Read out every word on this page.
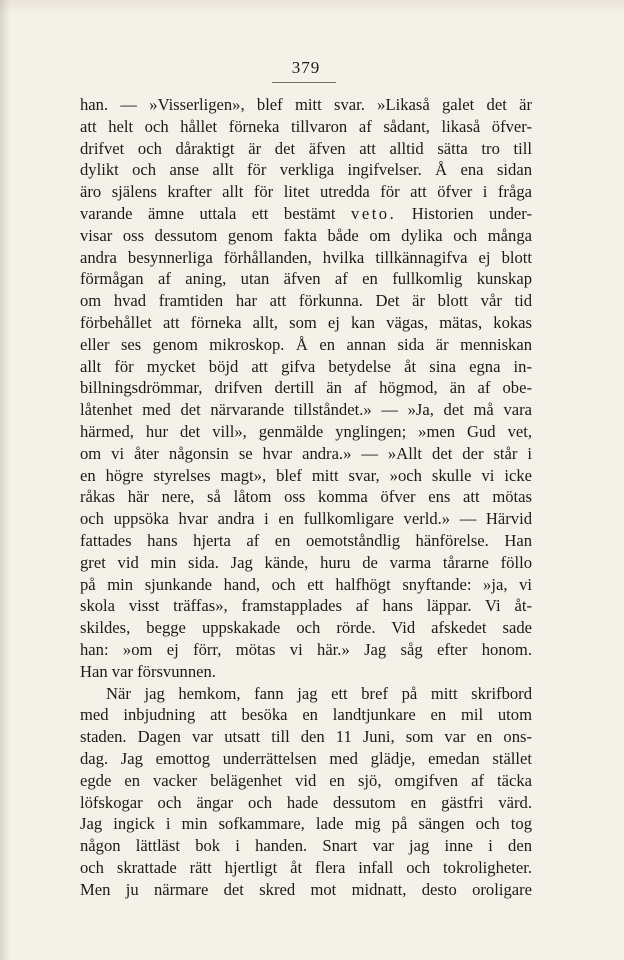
379
han. — »Visserligen», blef mitt svar. »Likaså galet det är
att helt och hållet förneka tillvaron af sådant, likaså öfver-
drifvet och dåraktigt är det äfven att alltid sätta tro till
dylikt och anse allt för verkliga ingifvelser. Å ena sidan
äro själens krafter allt för litet utredda för att öfver i fråga
varande ämne uttala ett bestämt veto. Historien under-
visar oss dessutom genom fakta både om dylika och många
andra besynnerliga förhållanden, hvilka tillkännagifva ej blott
förmågan af aning, utan äfven af en fullkomlig kunskap
om hvad framtiden har att förkunna. Det är blott vår tid
förbehållet att förneka allt, som ej kan vägas, mätas, kokas
eller ses genom mikroskop. Å en annan sida är menniskan
allt för mycket böjd att gifva betydelse åt sina egna in-
billningsdrömmar, drifven dertill än af högmod, än af obe-
låtenhet med det närvarande tillståndet.» — »Ja, det må vara
härmed, hur det vill», genmälde ynglingen; »men Gud vet,
om vi åter någonsin se hvar andra.» — »Allt det der står i
en högre styrelses magt», blef mitt svar, »och skulle vi icke
råkas här nere, så låtom oss komma öfver ens att mötas
och uppsöka hvar andra i en fullkomligare verld.» — Härvid
fattades hans hjerta af en oemotståndlig hänförelse. Han
gret vid min sida. Jag kände, huru de varma tårarne föllo
på min sjunkande hand, och ett halfhögt snyftande: »ja, vi
skola visst träffas», framstapplades af hans läppar. Vi åt-
skildes, begge uppskakade och rörde. Vid afskedet sade
han: »om ej förr, mötas vi här.» Jag såg efter honom.
Han var försvunnen.
När jag hemkom, fann jag ett bref på mitt skrifbord
med inbjudning att besöka en landtjunkare en mil utom
staden. Dagen var utsatt till den 11 Juni, som var en ons-
dag. Jag emottog underrättelsen med glädje, emedan stället
egde en vacker belägenhet vid en sjö, omgifven af täcka
löfskogar och ängar och hade dessutom en gästfri värd.
Jag ingick i min sofkammare, lade mig på sängen och tog
någon lättläst bok i handen. Snart var jag inne i den
och skrattade rätt hjertligt åt flera infall och tokroligheter.
Men ju närmare det skred mot midnatt, desto oroligare
